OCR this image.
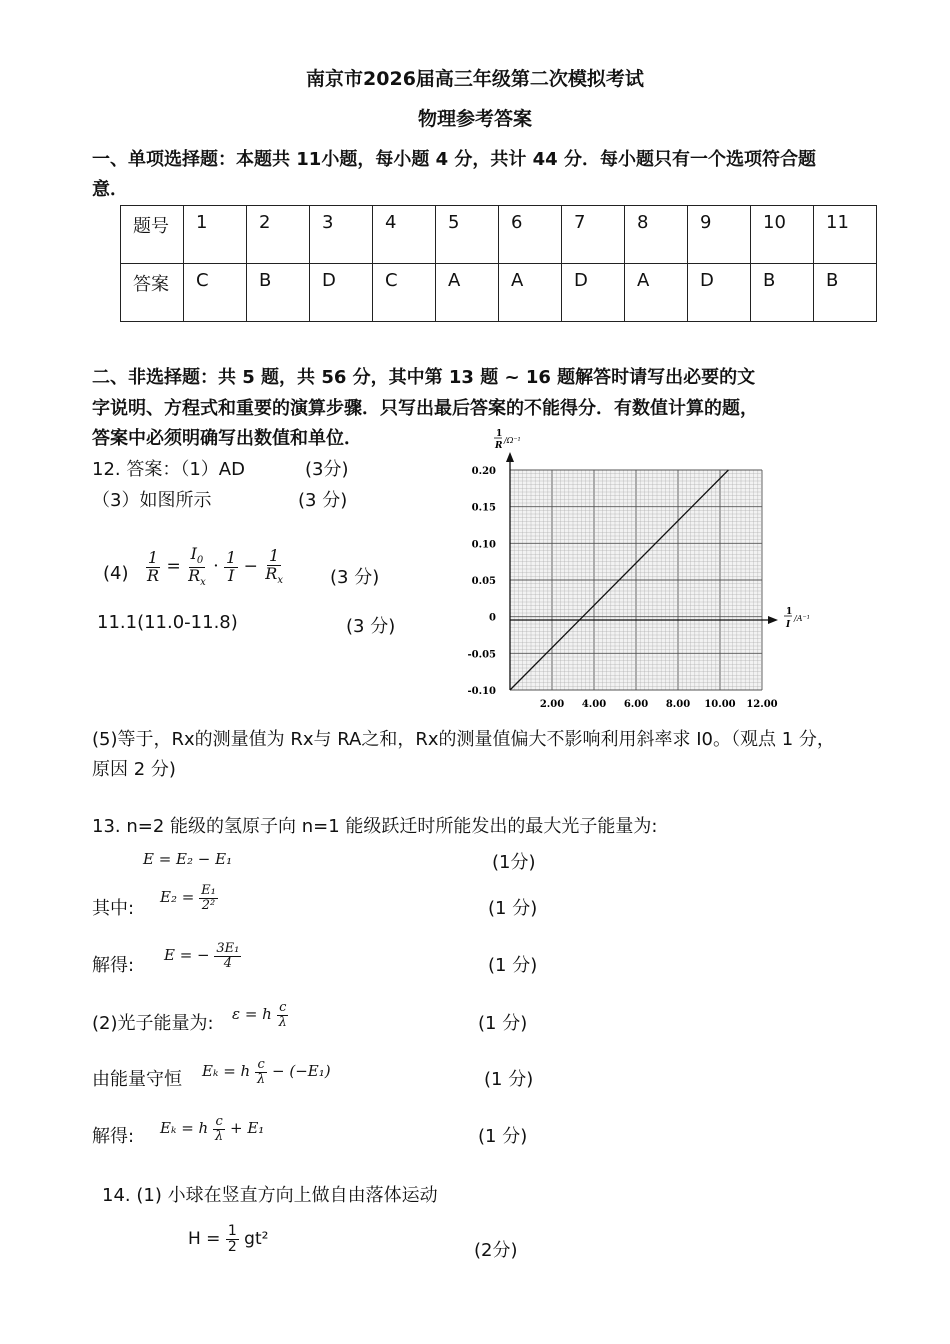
南京市2026届高三年级第二次模拟考试
物理参考答案
一、单项选择题：本题共 11小题，每小题 4 分，共计 44 分．每小题只有一个选项符合题
意．
题号	1	2	3	4	5	6	7	8	9	10	11
答案	C	B	D	C	A	A	D	A	D	B	B
二、非选择题：共 5 题，共 56 分，其中第 13 题 ~ 16 题解答时请写出必要的文
字说明、方程式和重要的演算步骤．只写出最后答案的不能得分．有数值计算的题，
答案中必须明确写出数值和单位．
12. 答案：（1）AD	(3分)
（3）如图所示	(3 分)
$(4) \frac{1}{R} = \frac{I_0}{R_x} \cdot \frac{1}{I} - \frac{1}{R_x}$	(3 分)
11.1(11.0-11.8)	(3 分)
2.00 4.00 6.00 8.00 10.00 12.00
0.20
0.15
0.10
0.05
0
-0.05
-0.10
1
R
/Ω⁻¹
1
I
/A⁻¹
(5)等于，Rx的测量值为 Rx与 RA之和，Rx的测量值偏大不影响利用斜率求 I0。（观点 1 分，
原因 2 分)
13. n=2 能级的氢原子向 n=1 能级跃迁时所能发出的最大光子能量为:
E = E₂ − E₁	(1分)
其中:
$E_2 = \frac{\text{E₁}}{\text{2²}}$	(1 分)
解得: E = − $\frac{\text{3E₁}}{4}$	(1 分)
(2)光子能量为: ε = h $\frac{c}{\lambda}$	(1 分)
由能量守恒 Eₖ = h $\frac{c}{\lambda} - (-E_1)$	(1 分)
解得: Eₖ = h $\frac{c}{\lambda} + E_1$	(1 分)
14. (1) 小球在竖直方向上做自由落体运动
$H = \frac{1}{2} gt^2$
(2分)
